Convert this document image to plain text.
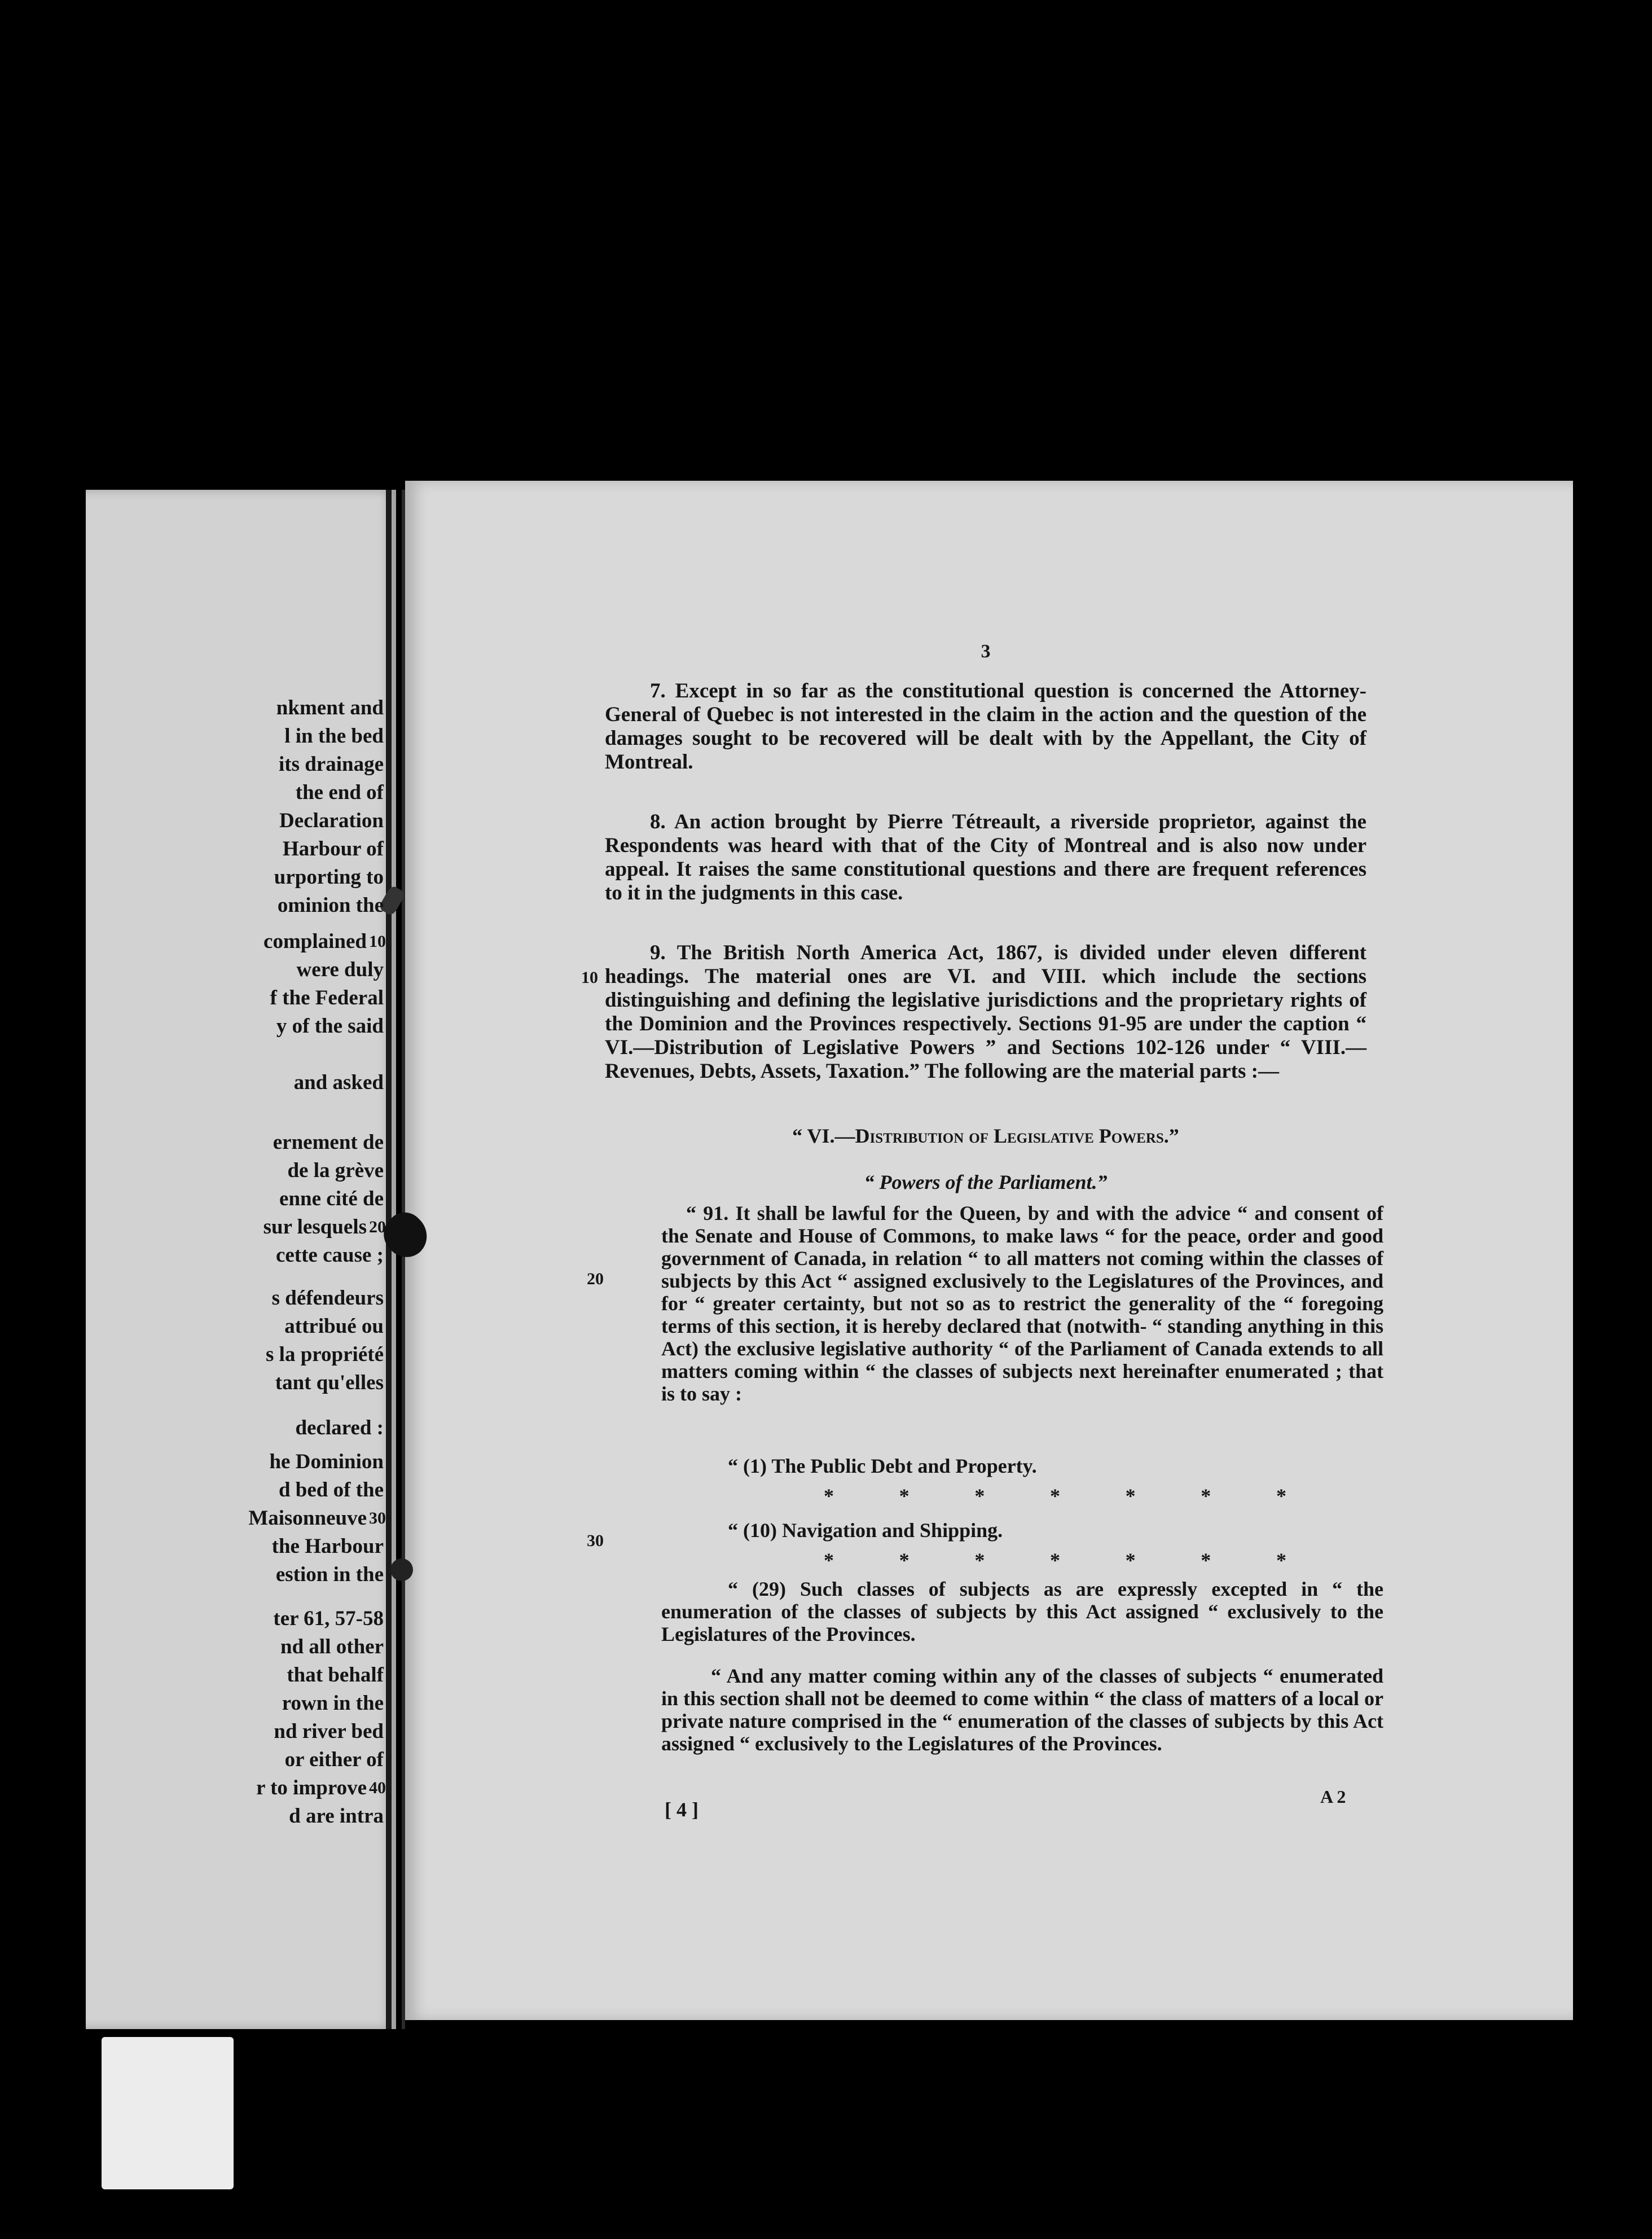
nkment and
l in the bed
its drainage
the end of
Declaration
Harbour of
urporting to
ominion the
complained 10
were duly
f the Federal
y of the said
and asked
ernement de
de la grève
enne cité de
sur lesquels 20
cette cause ;
s défendeurs
attribué ou
s la propriété
tant qu'elles
declared :
he Dominion
d bed of the
Maisonneuve 30
the Harbour
estion in the
ter 61, 57-58
nd all other
that behalf
rown in the
nd river bed
or either of
r to improve 40
d are intra
3
7. Except in so far as the constitutional question is concerned the Attorney-General of Quebec is not interested in the claim in the action and the question of the damages sought to be recovered will be dealt with by the Appellant, the City of Montreal.
8. An action brought by Pierre Tétreault, a riverside proprietor, against the Respondents was heard with that of the City of Montreal and is also now under appeal. It raises the same constitutional questions and there are frequent references to it in the judgments in this case.
10
9. The British North America Act, 1867, is divided under eleven different headings. The material ones are VI. and VIII. which include the sections distinguishing and defining the legislative jurisdictions and the proprietary rights of the Dominion and the Provinces respectively. Sections 91-95 are under the caption “ VI.—Distribution of Legislative Powers ” and Sections 102-126 under “ VIII.—Revenues, Debts, Assets, Taxation.” The following are the material parts :—
“ VI.—Distribution of Legislative Powers.”
“ Powers of the Parliament.”
20
“ 91. It shall be lawful for the Queen, by and with the advice “ and consent of the Senate and House of Commons, to make laws “ for the peace, order and good government of Canada, in relation “ to all matters not coming within the classes of subjects by this Act “ assigned exclusively to the Legislatures of the Provinces, and for “ greater certainty, but not so as to restrict the generality of the “ foregoing terms of this section, it is hereby declared that (notwith- “ standing anything in this Act) the exclusive legislative authority “ of the Parliament of Canada extends to all matters coming within “ the classes of subjects next hereinafter enumerated ; that is to say :
“ (1) The Public Debt and Property.
*	*	*	*	*	*	*
30	“ (10) Navigation and Shipping.
*	*	*	*	*	*	*
“ (29) Such classes of subjects as are expressly excepted in “ the enumeration of the classes of subjects by this Act assigned “ exclusively to the Legislatures of the Provinces.
“ And any matter coming within any of the classes of subjects “ enumerated in this section shall not be deemed to come within “ the class of matters of a local or private nature comprised in the “ enumeration of the classes of subjects by this Act assigned “ exclusively to the Legislatures of the Provinces.
[ 4 ]
A 2
